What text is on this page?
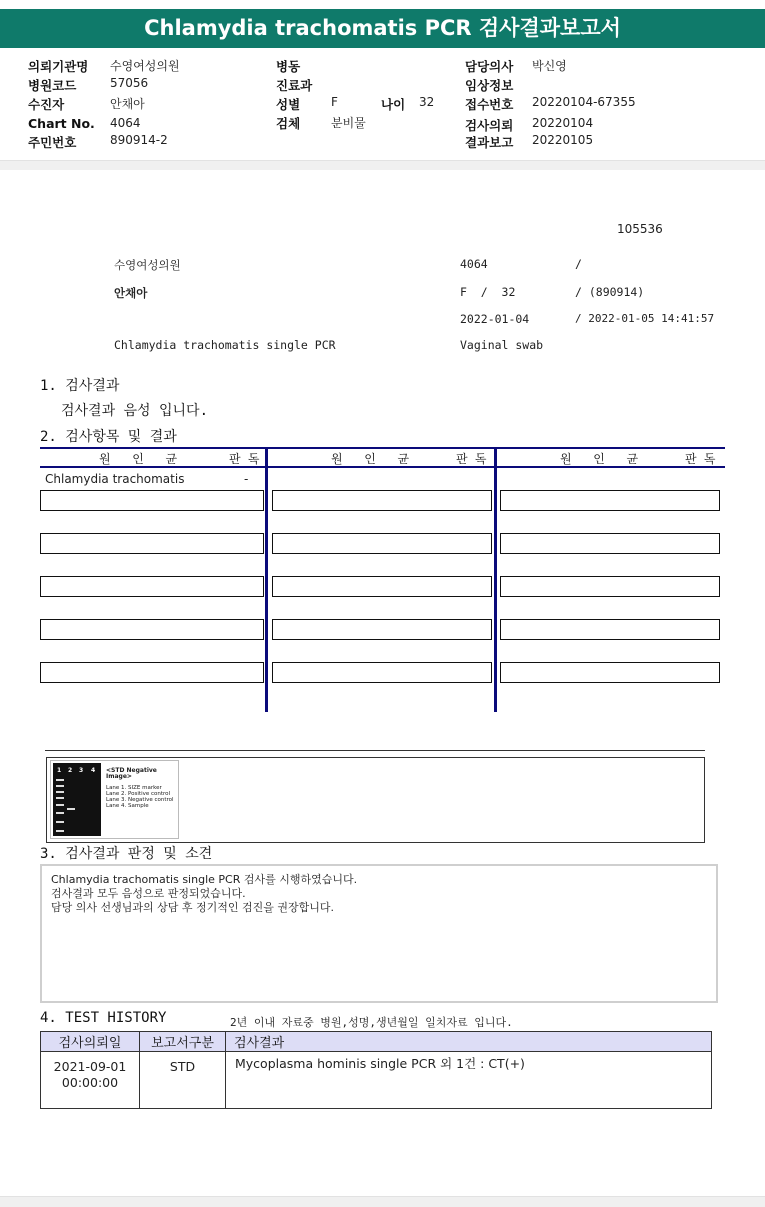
Chlamydia trachomatis PCR 검사결과보고서
의뢰기관명 수영여성의원
병원코드	57056
수진자	안채아
Chart No. 4064
주민번호	890914-2
병동
진료과
성별	F	나이 32
검체	분비물
담당의사 박신영
임상정보
접수번호 20220104-67355
검사의뢰 20220104
결과보고 20220105
105536
수영여성의원	4064	/
안채아	F  /  32	/ (890914)
2022-01-04	/ 2022-01-05 14:41:57
Chlamydia trachomatis single PCR	Vaginal swab
1. 검사결과
검사결과 음성 입니다.
2. 검사항목 및 결과
원   인   균	판 독	원   인   균	판 독	원   인   균	판 독
Chlamydia trachomatis	-
1 2 3 4 <STD Negative Image>
Lane 1. SIZE marker
Lane 2. Positive control
Lane 3. Negative control
Lane 4. Sample
3. 검사결과 판정 및 소견
Chlamydia trachomatis single PCR 검사를 시행하였습니다.
검사결과 모두 음성으로 판정되었습니다.
담당 의사 선생님과의 상담 후 정기적인 검진을 권장합니다.
4. TEST HISTORY	2년 이내 자료중 병원,성명,생년월일 일치자료 입니다.
검사의뢰일	보고서구분	검사결과

2021-09-01
00:00:00	STD	Mycoplasma hominis single PCR 외 1건 : CT(+)
